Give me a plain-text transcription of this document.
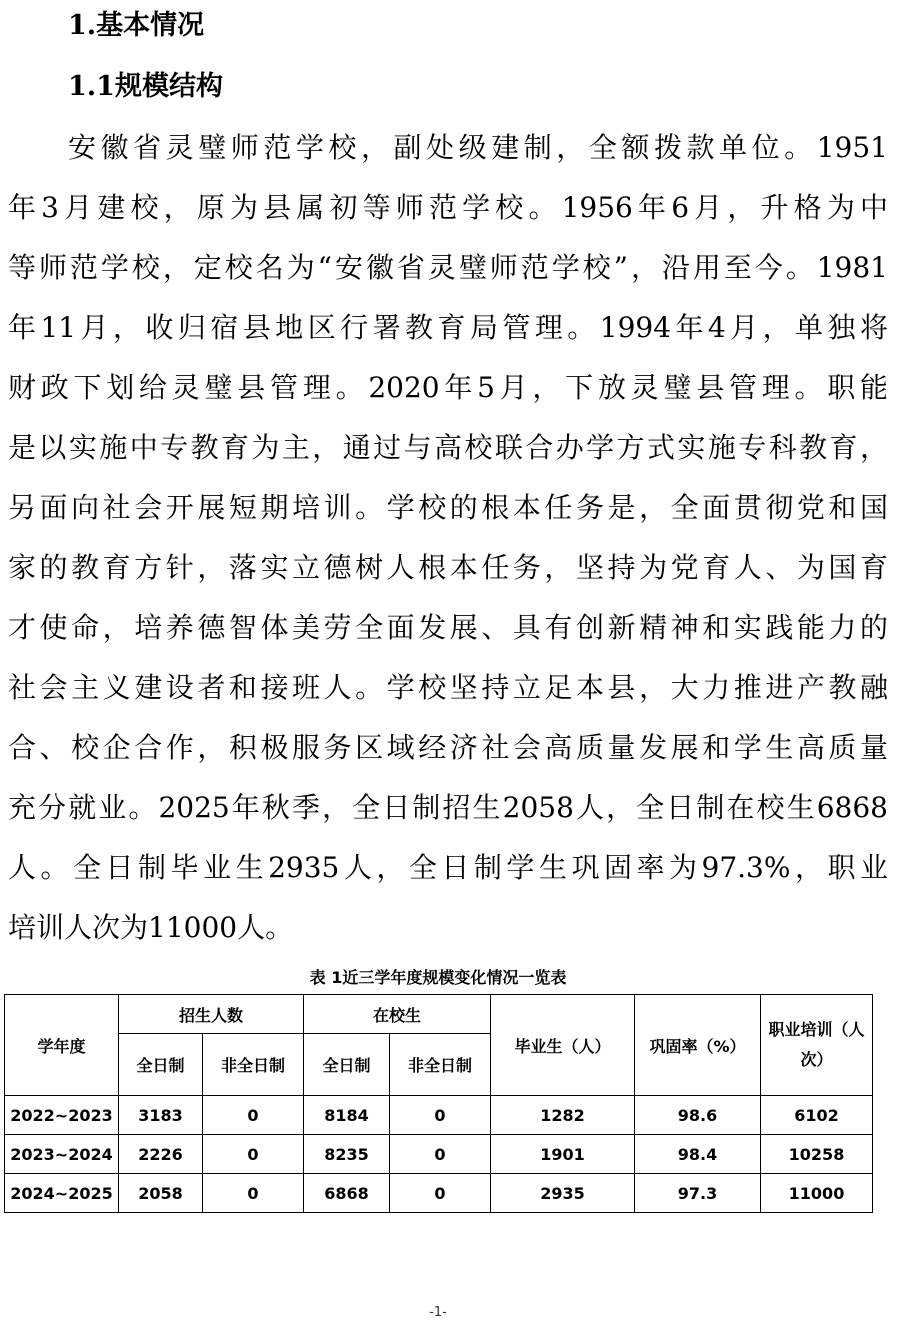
1.基本情况
1.1规模结构
安徽省灵璧师范学校，副处级建制，全额拨款单位。1951
年3月建校，原为县属初等师范学校。1956年6月，升格为中
等师范学校，定校名为“安徽省灵璧师范学校”，沿用至今。1981
年11月，收归宿县地区行署教育局管理。1994年4月，单独将
财政下划给灵璧县管理。2020年5月，下放灵璧县管理。职能
是以实施中专教育为主，通过与高校联合办学方式实施专科教育，
另面向社会开展短期培训。学校的根本任务是，全面贯彻党和国
家的教育方针，落实立德树人根本任务，坚持为党育人、为国育
才使命，培养德智体美劳全面发展、具有创新精神和实践能力的
社会主义建设者和接班人。学校坚持立足本县，大力推进产教融
合、校企合作，积极服务区域经济社会高质量发展和学生高质量
充分就业。2025年秋季，全日制招生2058人，全日制在校生6868
人。全日制毕业生2935人，全日制学生巩固率为97.3%，职业
培训人次为11000人。
表 1近三学年度规模变化情况一览表
学年度	招生人数		在校生		毕业生（人）	巩固率（%）	职业培训（人次）
	全日制	非全日制	全日制	非全日制			
2022~2023	3183	0	8184	0	1282	98.6	6102
2023~2024	2226	0	8235	0	1901	98.4	10258
2024~2025	2058	0	6868	0	2935	97.3	11000
-1-
